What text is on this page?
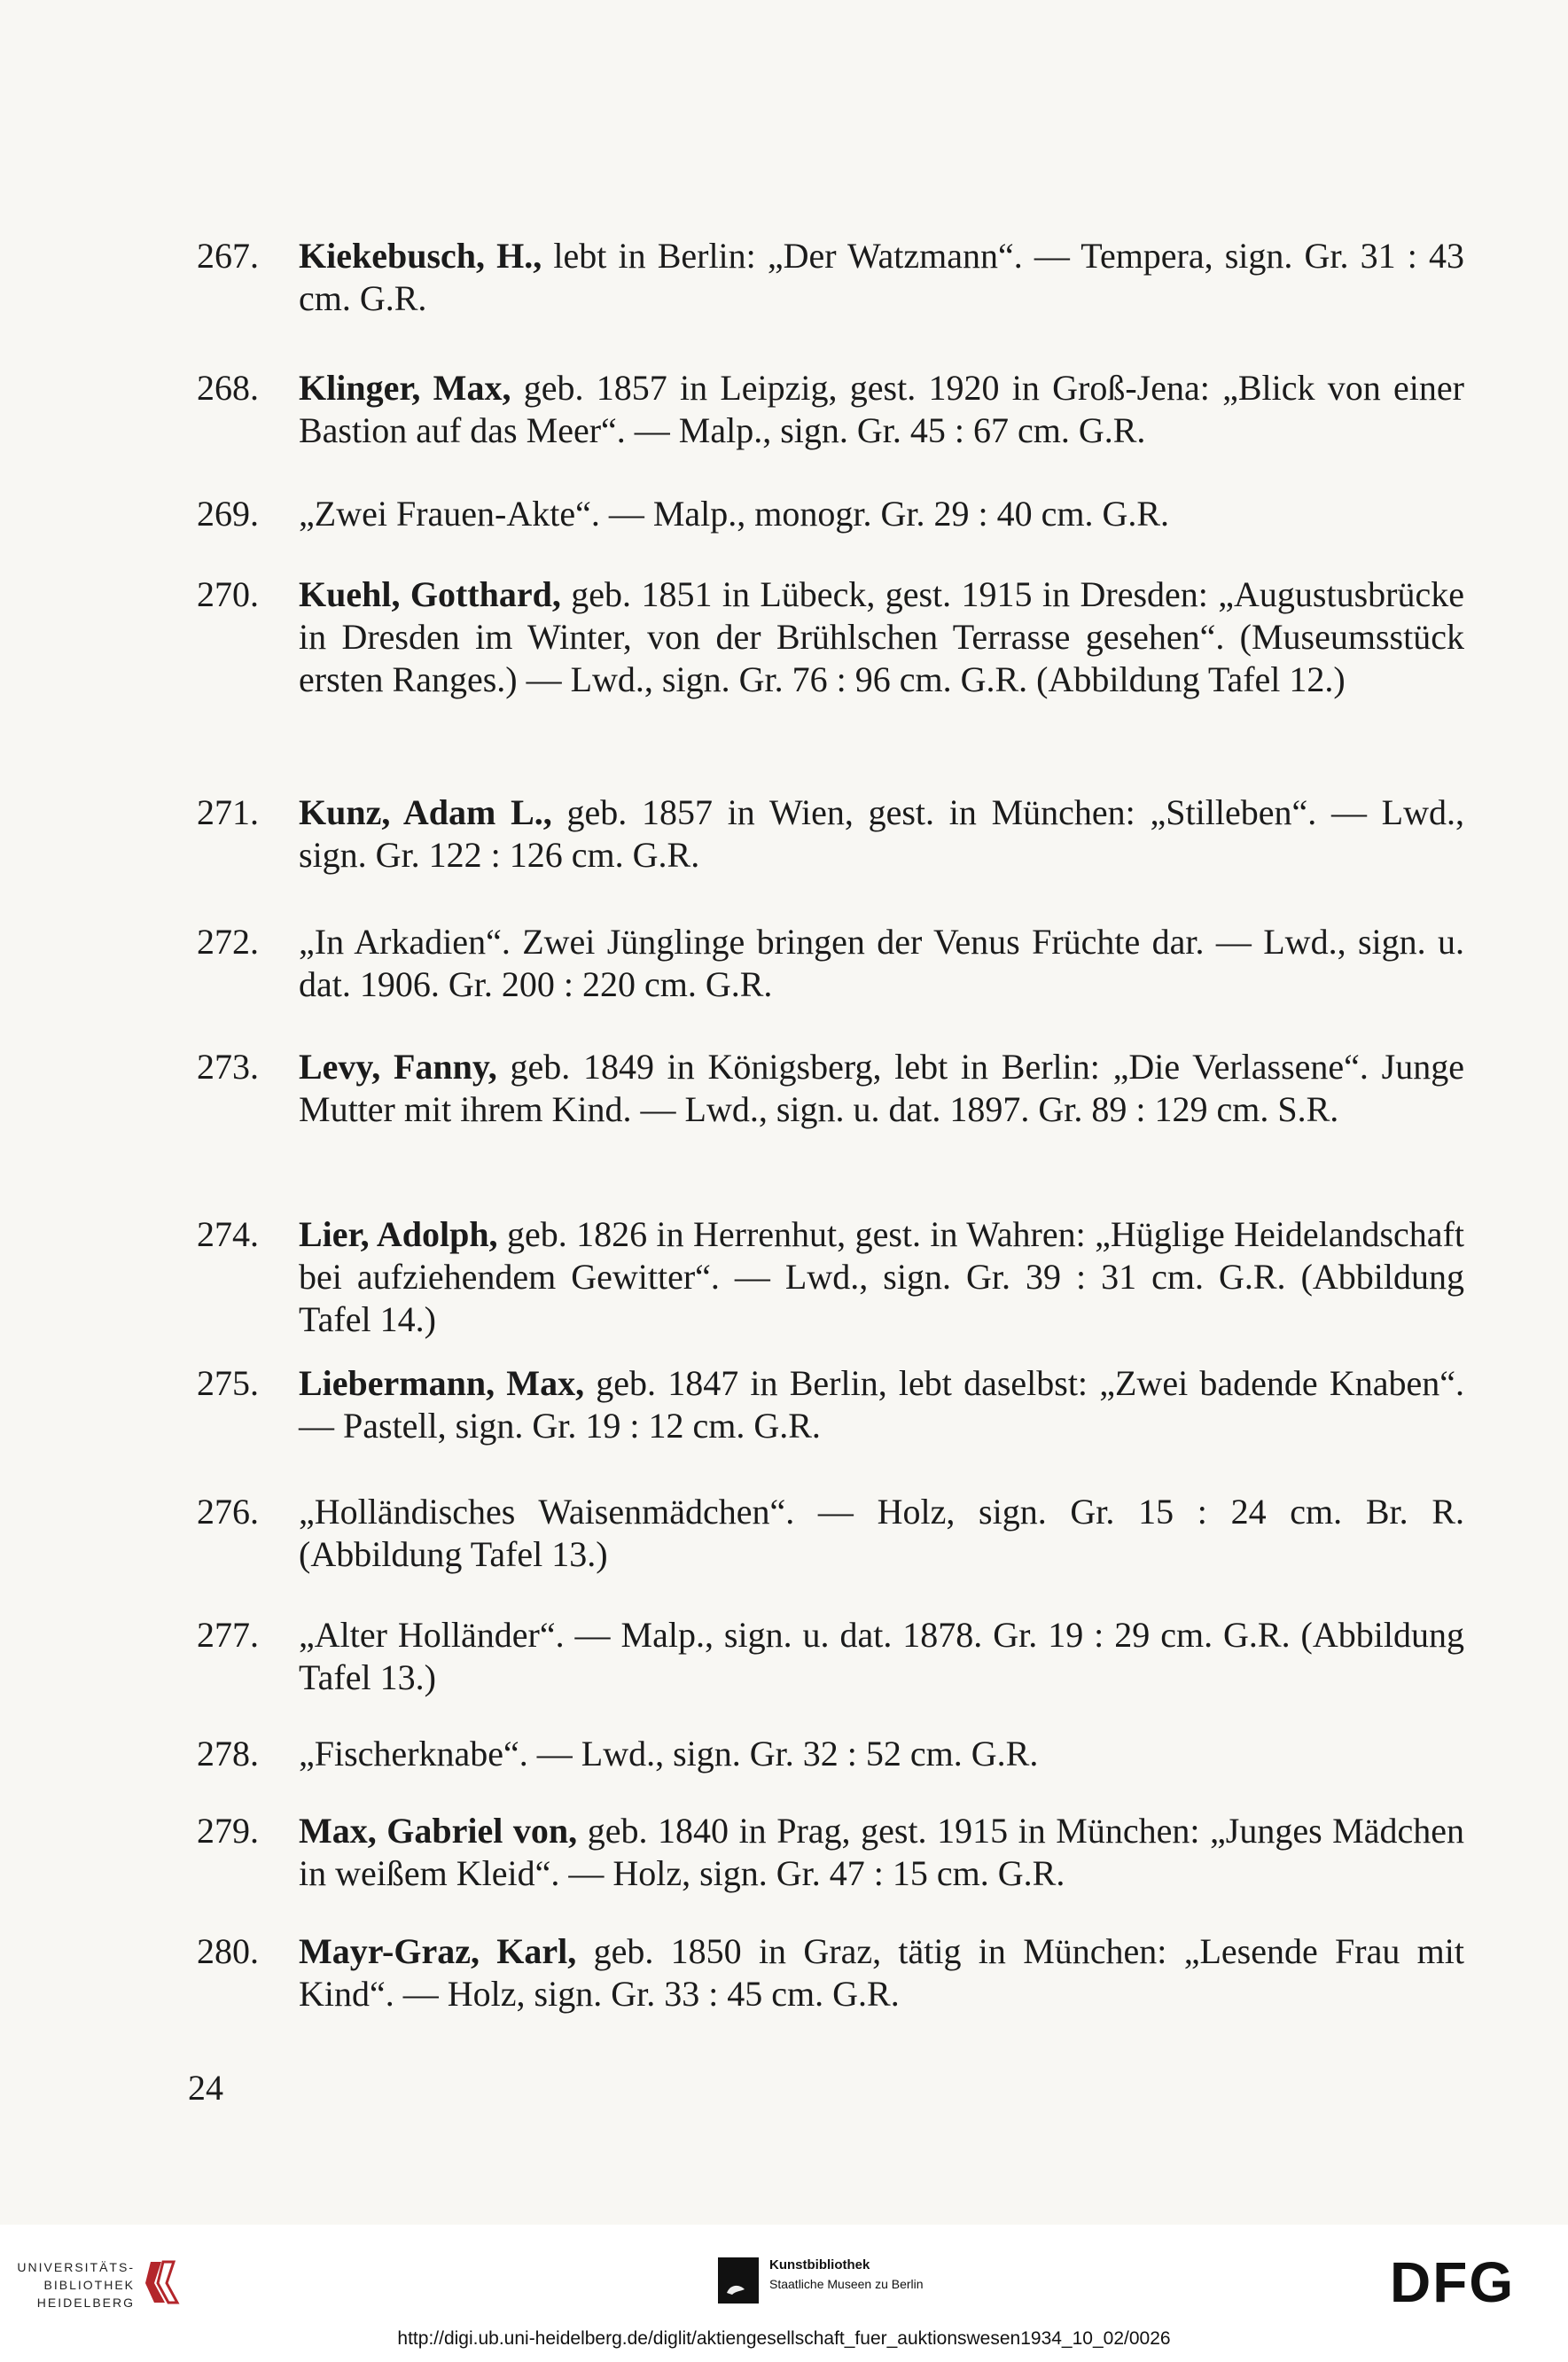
267.	Kiekebusch, H., lebt in Berlin: „Der Watzmann“. — Tempera, sign. Gr. 31 : 43 cm. G.R.
268.	Klinger, Max, geb. 1857 in Leipzig, gest. 1920 in Groß-Jena: „Blick von einer Bastion auf das Meer“. — Malp., sign. Gr. 45 : 67 cm. G.R.
269.	„Zwei Frauen-Akte“. — Malp., monogr. Gr. 29 : 40 cm. G.R.
270.	Kuehl, Gotthard, geb. 1851 in Lübeck, gest. 1915 in Dresden: „Augustusbrücke in Dresden im Winter, von der Brühlschen Terrasse gesehen“. (Museumsstück ersten Ranges.) — Lwd., sign. Gr. 76 : 96 cm. G.R. (Abbildung Tafel 12.)
271.	Kunz, Adam L., geb. 1857 in Wien, gest. in München: „Stilleben“. — Lwd., sign. Gr. 122 : 126 cm. G.R.
272.	„In Arkadien“. Zwei Jünglinge bringen der Venus Früchte dar. — Lwd., sign. u. dat. 1906. Gr. 200 : 220 cm. G.R.
273.	Levy, Fanny, geb. 1849 in Königsberg, lebt in Berlin: „Die Verlassene“. Junge Mutter mit ihrem Kind. — Lwd., sign. u. dat. 1897. Gr. 89 : 129 cm. S.R.
274.	Lier, Adolph, geb. 1826 in Herrenhut, gest. in Wahren: „Hüglige Heidelandschaft bei aufziehendem Gewitter“. — Lwd., sign. Gr. 39 : 31 cm. G.R. (Abbildung Tafel 14.)
275.	Liebermann, Max, geb. 1847 in Berlin, lebt daselbst: „Zwei badende Knaben“. — Pastell, sign. Gr. 19 : 12 cm. G.R.
276.	„Holländisches Waisenmädchen“. — Holz, sign. Gr. 15 : 24 cm. Br. R. (Abbildung Tafel 13.)
277.	„Alter Holländer“. — Malp., sign. u. dat. 1878. Gr. 19 : 29 cm. G.R. (Abbildung Tafel 13.)
278.	„Fischerknabe“. — Lwd., sign. Gr. 32 : 52 cm. G.R.
279.	Max, Gabriel von, geb. 1840 in Prag, gest. 1915 in München: „Junges Mädchen in weißem Kleid“. — Holz, sign. Gr. 47 : 15 cm. G.R.
280.	Mayr-Graz, Karl, geb. 1850 in Graz, tätig in München: „Lesende Frau mit Kind“. — Holz, sign. Gr. 33 : 45 cm. G.R.
24
UNIVERSITÄTS-
BIBLIOTHEK
HEIDELBERG
Kunstbibliothek
Staatliche Museen zu Berlin	DFG
http://digi.ub.uni-heidelberg.de/diglit/aktiengesellschaft_fuer_auktionswesen1934_10_02/0026
